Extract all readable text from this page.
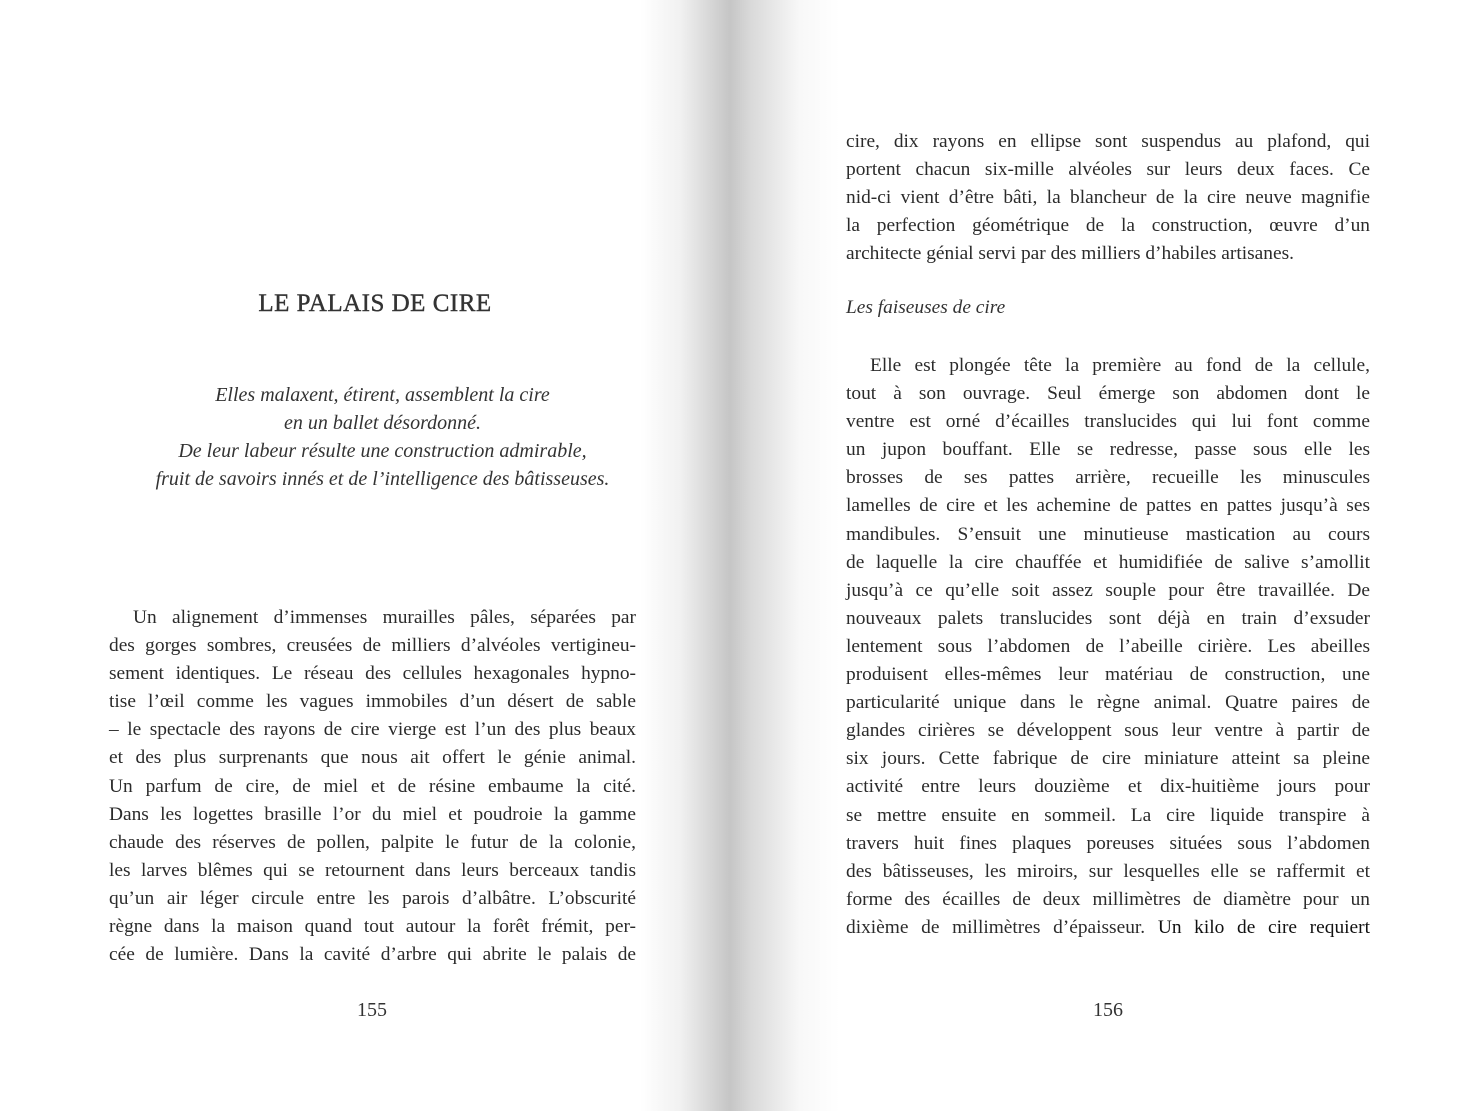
LE PALAIS DE CIRE
Elles malaxent, étirent, assemblent la cire
en un ballet désordonné.
De leur labeur résulte une construction admirable,
fruit de savoirs innés et de l’intelligence des bâtisseuses.
Un alignement d’immenses murailles pâles, séparées par
des gorges sombres, creusées de milliers d’alvéoles vertigineu-
sement identiques. Le réseau des cellules hexagonales hypno-
tise l’œil comme les vagues immobiles d’un désert de sable
– le spectacle des rayons de cire vierge est l’un des plus beaux
et des plus surprenants que nous ait offert le génie animal.
Un parfum de cire, de miel et de résine embaume la cité.
Dans les logettes brasille l’or du miel et poudroie la gamme
chaude des réserves de pollen, palpite le futur de la colonie,
les larves blêmes qui se retournent dans leurs berceaux tandis
qu’un air léger circule entre les parois d’albâtre. L’obscurité
règne dans la maison quand tout autour la forêt frémit, per-
cée de lumière. Dans la cavité d’arbre qui abrite le palais de
155
cire, dix rayons en ellipse sont suspendus au plafond, qui
portent chacun six-mille alvéoles sur leurs deux faces. Ce
nid-ci vient d’être bâti, la blancheur de la cire neuve magnifie
la perfection géométrique de la construction, œuvre d’un
architecte génial servi par des milliers d’habiles artisanes.
Les faiseuses de cire
Elle est plongée tête la première au fond de la cellule,
tout à son ouvrage. Seul émerge son abdomen dont le
ventre est orné d’écailles translucides qui lui font comme
un jupon bouffant. Elle se redresse, passe sous elle les
brosses de ses pattes arrière, recueille les minuscules
lamelles de cire et les achemine de pattes en pattes jusqu’à ses
mandibules. S’ensuit une minutieuse mastication au cours
de laquelle la cire chauffée et humidifiée de salive s’amollit
jusqu’à ce qu’elle soit assez souple pour être travaillée. De
nouveaux palets translucides sont déjà en train d’exsuder
lentement sous l’abdomen de l’abeille cirière. Les abeilles
produisent elles-mêmes leur matériau de construction, une
particularité unique dans le règne animal. Quatre paires de
glandes cirières se développent sous leur ventre à partir de
six jours. Cette fabrique de cire miniature atteint sa pleine
activité entre leurs douzième et dix-huitième jours pour
se mettre ensuite en sommeil. La cire liquide transpire à
travers huit fines plaques poreuses situées sous l’abdomen
des bâtisseuses, les miroirs, sur lesquelles elle se raffermit et
forme des écailles de deux millimètres de diamètre pour un
dixième de millimètres d’épaisseur. Un kilo de cire requiert
156
